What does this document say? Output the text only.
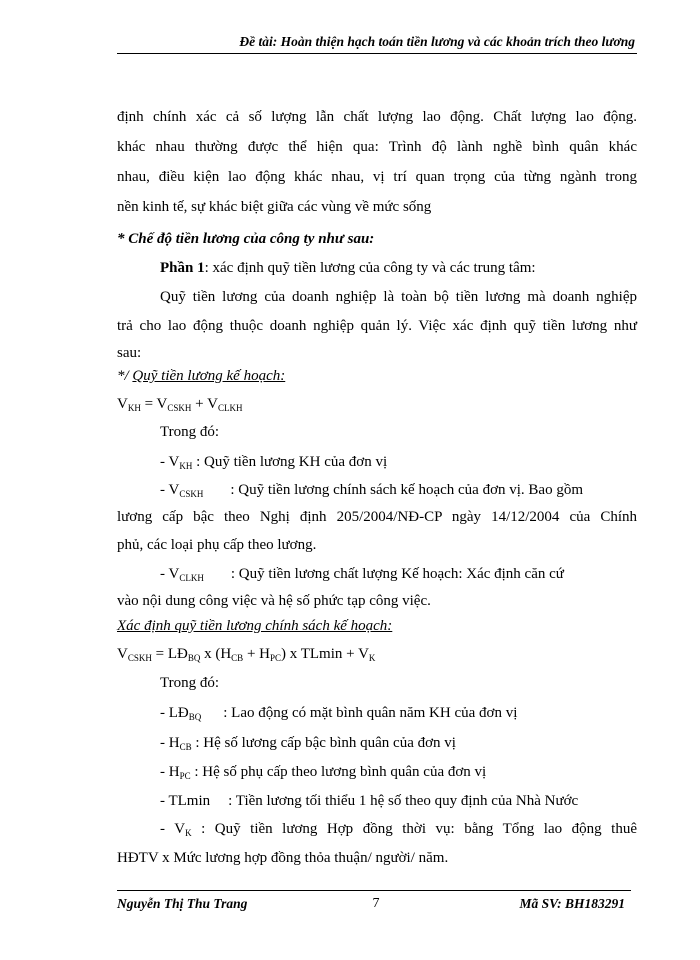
Đề tài: Hoàn thiện hạch toán tiền lương và các khoản trích theo lương
định chính xác cả số lượng lẫn chất lượng lao động. Chất lượng lao động.
khác nhau thường được thể hiện qua: Trình độ lành nghề bình quân khác
nhau, điều kiện lao động khác nhau, vị trí quan trọng của từng ngành trong
nền kinh tế, sự khác biệt giữa các vùng về mức sống
* Chế độ tiền lương của công ty như sau:
Phần 1: xác định quỹ tiền lương của công ty và các trung tâm:
Quỹ tiền lương của doanh nghiệp là toàn bộ tiền lương mà doanh nghiệp
trả cho lao động thuộc doanh nghiệp quản lý. Việc xác định quỹ tiền lương như
sau:
*/ Quỹ tiền lương kế hoạch:
$V_{KH} = V_{CSKH} + V_{CLKH}$
Trong đó:
- $V_{KH}$ : Quỹ tiền lương KH của đơn vị
- $V_{CSKH}$ : Quỹ tiền lương chính sách kế hoạch của đơn vị. Bao gồm
lương cấp bậc theo Nghị định 205/2004/NĐ-CP ngày 14/12/2004 của Chính
phủ, các loại phụ cấp theo lương.
- $V_{CLKH}$ : Quỹ tiền lương chất lượng Kế hoạch: Xác định căn cứ
vào nội dung công việc và hệ số phức tạp công việc.
Xác định quỹ tiền lương chính sách kế hoạch:
$V_{CSKH}$ = $LĐ_{BQ}$ x $(H_{CB} + H_{PC})$ x $TLmin + V_K$
Trong đó:
- $LĐ_{BQ}$ : Lao động có mặt bình quân năm KH của đơn vị
- $H_{CB}$ : Hệ số lương cấp bậc bình quân của đơn vị
- $H_{PC}$ : Hệ số phụ cấp theo lương bình quân của đơn vị
- TLmin : Tiền lương tối thiểu 1 hệ số theo quy định của Nhà Nước
- $V_K$ : Quỹ tiền lương Hợp đồng thời vụ: bằng Tổng lao động thuê
HĐTV x Mức lương hợp đồng thỏa thuận/ người/ năm.
Nguyễn Thị Thu Trang	7	Mã SV: BH183291
